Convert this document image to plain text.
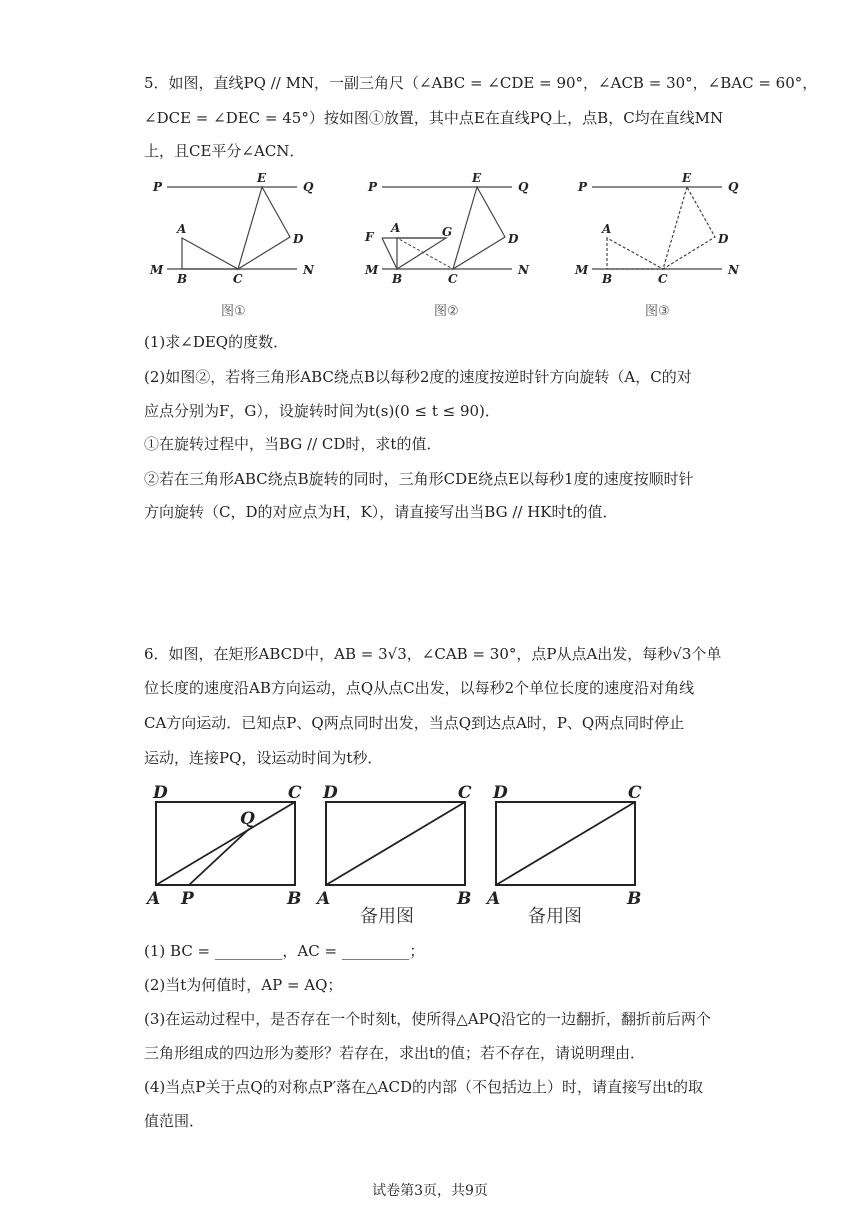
5．如图，直线PQ // MN，一副三角尺（∠ABC = ∠CDE = 90°，∠ACB = 30°，∠BAC = 60°，
∠DCE = ∠DEC = 45°）按如图①放置，其中点E在直线PQ上，点B，C均在直线MN
上，且CE平分∠ACN．
P
E
Q
A
D
M
B	C
N
图①
P
E
Q
F
A	G	D
M
B	C
N
图②
P
E
Q
A
D
M
B	C
N
图③
(1)求∠DEQ的度数．
(2)如图②，若将三角形ABC绕点B以每秒2度的速度按逆时针方向旋转（A，C的对
应点分别为F，G），设旋转时间为t(s)(0 ≤ t ≤ 90)．
①在旋转过程中，当BG // CD时，求t的值．
②若在三角形ABC绕点B旋转的同时，三角形CDE绕点E以每秒1度的速度按顺时针
方向旋转（C，D的对应点为H，K），请直接写出当BG // HK时t的值．
6．如图，在矩形ABCD中，AB = 3√3，∠CAB = 30°，点P从点A出发，每秒√3个单
位长度的速度沿AB方向运动，点Q从点C出发，以每秒2个单位长度的速度沿对角线
CA方向运动．已知点P、Q两点同时出发，当点Q到达点A时，P、Q两点同时停止
运动，连接PQ，设运动时间为t秒．
D	C
Q
A P	B
D	C
A	B
备用图
D	C
A	B
备用图
(1) BC = _________，AC = _________；
(2)当t为何值时，AP = AQ；
(3)在运动过程中，是否存在一个时刻t，使所得△APQ沿它的一边翻折，翻折前后两个
三角形组成的四边形为菱形？若存在，求出t的值；若不存在，请说明理由．
(4)当点P关于点Q的对称点P′落在△ACD的内部（不包括边上）时，请直接写出t的取
值范围．
试卷第3页，共9页
